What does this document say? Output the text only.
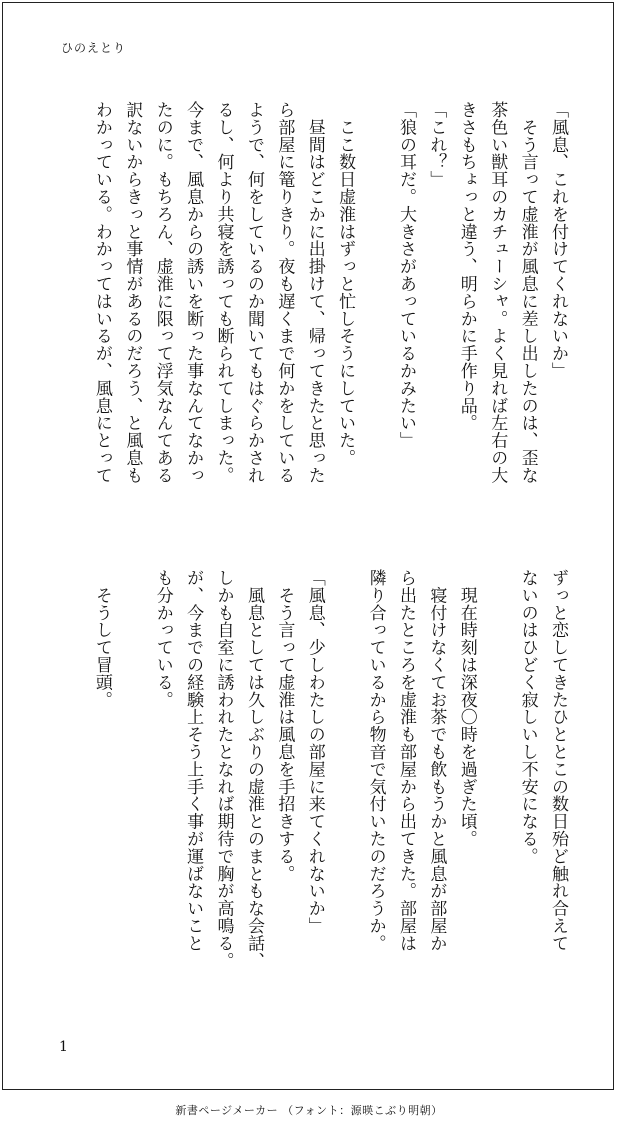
ひのえとり
「風息、これを付けてくれないか」
　そう言って虚淮が風息に差し出したのは、歪な
茶色い獣耳のカチューシャ。よく見れば左右の大
きさもちょっと違う、明らかに手作り品。
「これ？」
「狼の耳だ。大きさがあっているかみたい」

　ここ数日虚淮はずっと忙しそうにしていた。
　昼間はどこかに出掛けて、帰ってきたと思った
ら部屋に篭りきり。夜も遅くまで何かをしている
ようで、何をしているのか聞いてもはぐらかされ
るし、何より共寝を誘っても断られてしまった。
今まで、風息からの誘いを断った事なんてなかっ
たのに。もちろん、虚淮に限って浮気なんてある
訳ないからきっと事情があるのだろう、と風息も
わかっている。わかってはいるが、風息にとって
ずっと恋してきたひととこの数日殆ど触れ合えて
ないのはひどく寂しいし不安になる。

　現在時刻は深夜〇時を過ぎた頃。
　寝付けなくてお茶でも飲もうかと風息が部屋か
ら出たところを虚淮も部屋から出てきた。部屋は
隣り合っているから物音で気付いたのだろうか。

「風息、少しわたしの部屋に来てくれないか」
　そう言って虚淮は風息を手招きする。
　風息としては久しぶりの虚淮とのまともな会話、
しかも自室に誘われたとなれば期待で胸が高鳴る。
が、今までの経験上そう上手く事が運ばないこと
も分かっている。

　そうして冒頭。
1
新書ページメーカー （フォント：源暎こぶり明朝）
